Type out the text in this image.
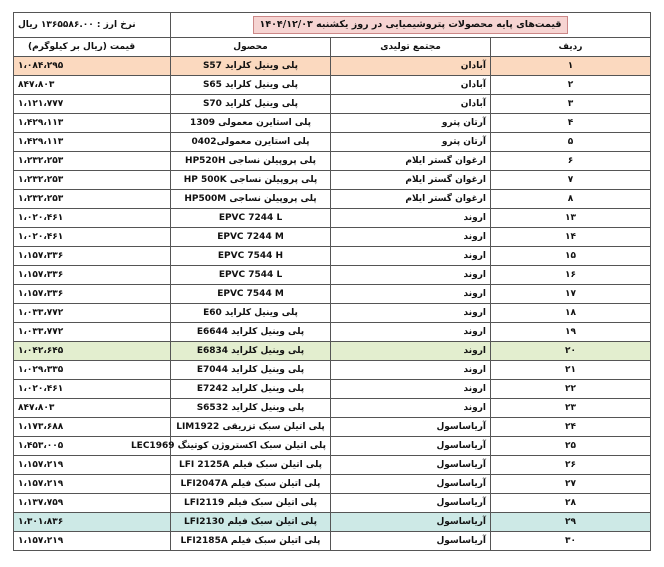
قیمت‌های پایه محصولات پتروشیمیایی در روز یکشنبه ۱۴۰۴/۱۲/۰۳			نرخ ارز : ۱۳۶۵۵۸۶.۰۰ ریال
ردیف	مجتمع تولیدی	محصول	قیمت (ریال بر کیلوگرم)
۱	آبادان	پلی وینیل کلراید S57	۱،۰۸۴،۲۹۵
۲	آبادان	پلی وینیل کلراید S65	۸۴۷،۸۰۳
۳	آبادان	پلی وینیل کلراید S70	۱،۱۲۱،۷۷۷
۴	آرتان پترو	پلی استایرن معمولی 1309	۱،۴۲۹،۱۱۳
۵	آرتان پترو	پلی استایرن معمولی0402	۱،۴۲۹،۱۱۳
۶	ارغوان گستر ایلام	پلی پروپیلن نساجی HP520H	۱،۲۳۲،۲۵۳
۷	ارغوان گستر ایلام	پلی پروپیلن نساجی HP 500K	۱،۲۳۲،۲۵۳
۸	ارغوان گستر ایلام	پلی پروپیلن نساجی HP500M	۱،۲۳۲،۲۵۳
۱۳	اروند	EPVC 7244 L	۱،۰۲۰،۴۶۱
۱۴	اروند	EPVC 7244 M	۱،۰۲۰،۴۶۱
۱۵	اروند	EPVC 7544 H	۱،۱۵۷،۳۳۶
۱۶	اروند	EPVC 7544 L	۱،۱۵۷،۳۳۶
۱۷	اروند	EPVC 7544 M	۱،۱۵۷،۳۳۶
۱۸	اروند	پلی وینیل کلراید E60	۱،۰۳۳،۷۷۲
۱۹	اروند	پلی وینیل کلراید E6644	۱،۰۳۳،۷۷۲
۲۰	اروند	پلی وینیل کلراید E6834	۱،۰۴۲،۶۴۵
۲۱	اروند	پلی وینیل کلراید E7044	۱،۰۲۹،۳۳۵
۲۲	اروند	پلی وینیل کلراید E7242	۱،۰۲۰،۴۶۱
۲۳	اروند	پلی وینیل کلراید S6532	۸۴۷،۸۰۳
۲۴	آریاساسول	پلی اتیلن سبک تزریقی LIM1922	۱،۱۷۳،۶۸۸
۲۵	آریاساسول	پلی اتیلن سبک اکستروژن کوتینگ LEC1969	۱،۴۵۳،۰۰۵
۲۶	آریاساسول	پلی اتیلن سبک فیلم LFI 2125A	۱،۱۵۷،۲۱۹
۲۷	آریاساسول	پلی اتیلن سبک فیلم LFI2047A	۱،۱۵۷،۲۱۹
۲۸	آریاساسول	پلی اتیلن سبک فیلم LFI2119	۱،۱۳۷،۷۵۹
۲۹	آریاساسول	پلی اتیلن سبک فیلم LFI2130	۱،۳۰۱،۸۳۶
۳۰	آریاساسول	پلی اتیلن سبک فیلم LFI2185A	۱،۱۵۷،۲۱۹
